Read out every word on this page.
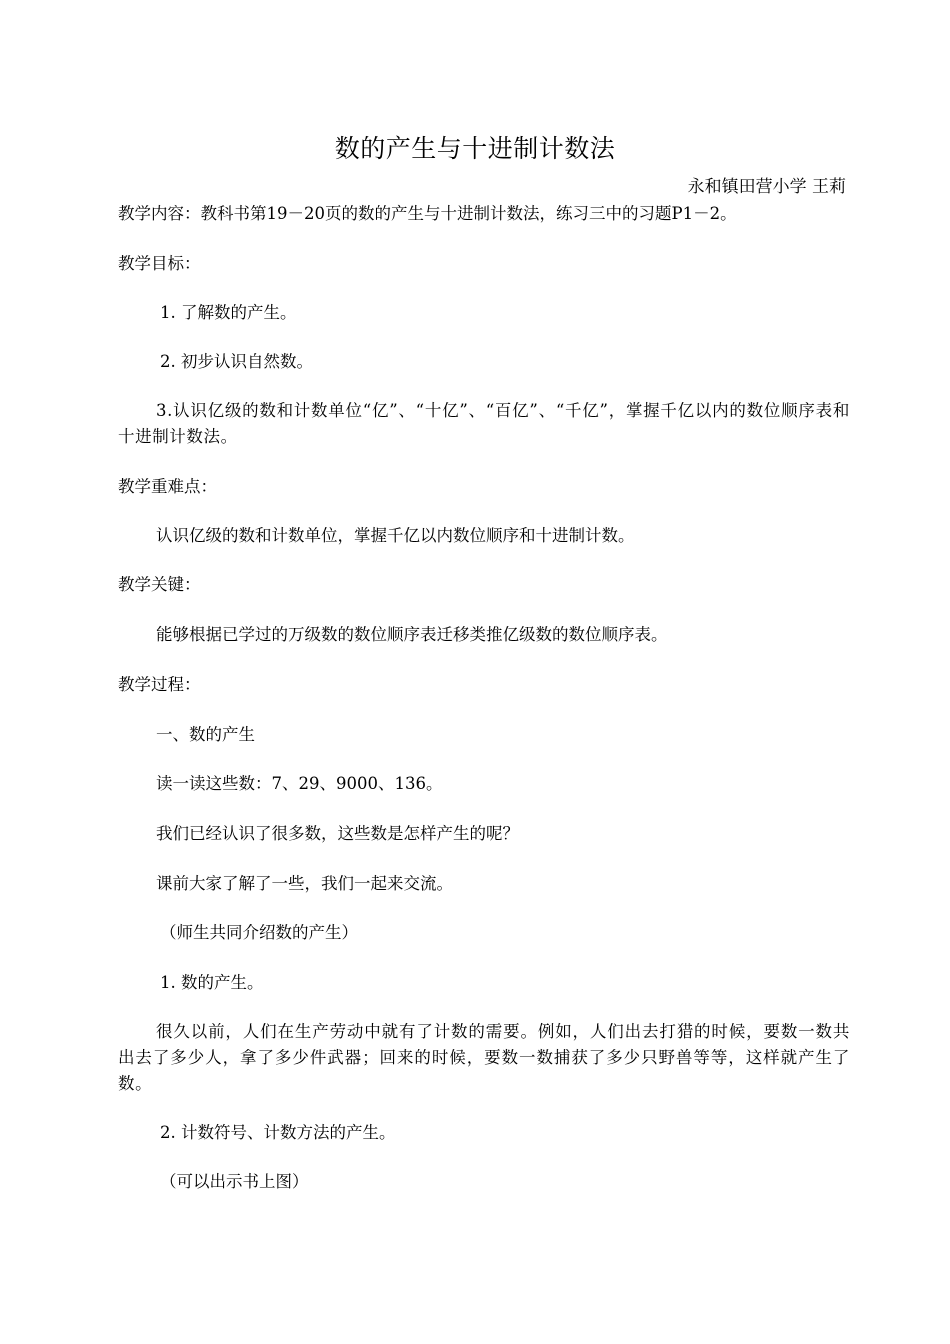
数的产生与十进制计数法
永和镇田营小学 王莉
教学内容：教科书第19－20页的数的产生与十进制计数法，练习三中的习题P1－2。
教学目标：
1. 了解数的产生。
2. 初步认识自然数。
3.认识亿级的数和计数单位“亿”、“十亿”、“百亿”、“千亿”，掌握千亿以内的数位顺序表和十进制计数法。
教学重难点：
认识亿级的数和计数单位，掌握千亿以内数位顺序和十进制计数。
教学关键：
能够根据已学过的万级数的数位顺序表迁移类推亿级数的数位顺序表。
教学过程：
一、数的产生
读一读这些数：7、29、9000、136。
我们已经认识了很多数，这些数是怎样产生的呢？
课前大家了解了一些，我们一起来交流。
（师生共同介绍数的产生）
1. 数的产生。
很久以前，人们在生产劳动中就有了计数的需要。例如，人们出去打猎的时候，要数一数共出去了多少人，拿了多少件武器；回来的时候，要数一数捕获了多少只野兽等等，这样就产生了数。
2. 计数符号、计数方法的产生。
（可以出示书上图）
